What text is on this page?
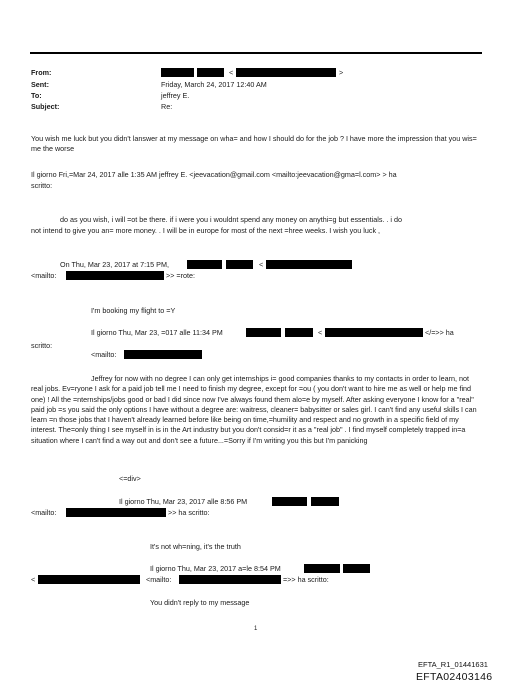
From:	<	>
Sent:	Friday, March 24, 2017 12:40 AM
To:	jeffrey E.
Subject:	Re:
You wish me luck but you didn't lanswer at my message on wha= and how I should do for the job ? I have more the impression that you wis= me the worse
Il giorno Fri,=Mar 24, 2017 alle 1:35 AM jeffrey E. <jeevacation@gmail.com <mailto:jeevacation@gma=l.com> > ha
scritto:
do as you wish, i will =ot be there. if i were you i wouldnt spend any money on anythi=g but essentials. . i do
not intend to give you an= more money. . I will be in europe for most of the next =hree weeks. I wish you luck ,
On Thu, Mar 23, 2017 at 7:15 PM,	<
<mailto:	>> =rote:
I'm booking my flight to =Y
Il giorno Thu, Mar 23, =017 alle 11:34 PM	<	</=>> ha
scritto:
<mailto:
Jeffrey for now with no degree I can only get internships i= good companies thanks to my contacts in order to learn, not real jobs. Ev=ryone I ask for a paid job tell me I need to finish my degree, except for =ou ( you don't want to hire me as well or help me find one) ! All the =nternships/jobs good or bad I did since now I've always found them alo=e by myself. After asking everyone I know for a "real" paid job =s you said the only options I have without a degree are: waitress, cleaner= babysitter or sales girl. I can't find any useful skills I can learn =n those jobs that I haven't already learned before like being on time,=humility and respect and no growth in a specific field of my interest. The=only thing I see myself in is in the Art industry but you don't consid=r it as a "real job" . I find myself completely trapped in=a situation where I can't find a way out and don't see a future...=Sorry if I'm writing you this but I'm panicking
<=div>
Il giorno Thu, Mar 23, 2017 alle 8:56 PM
<mailto:	>> ha scritto:
It's not wh=ning, it's the truth
Il giorno Thu, Mar 23, 2017 a=le 8:54 PM
<	<mailto:	=>> ha scritto:
You didn't reply to my message
1
EFTA_R1_01441631
EFTA02403146
